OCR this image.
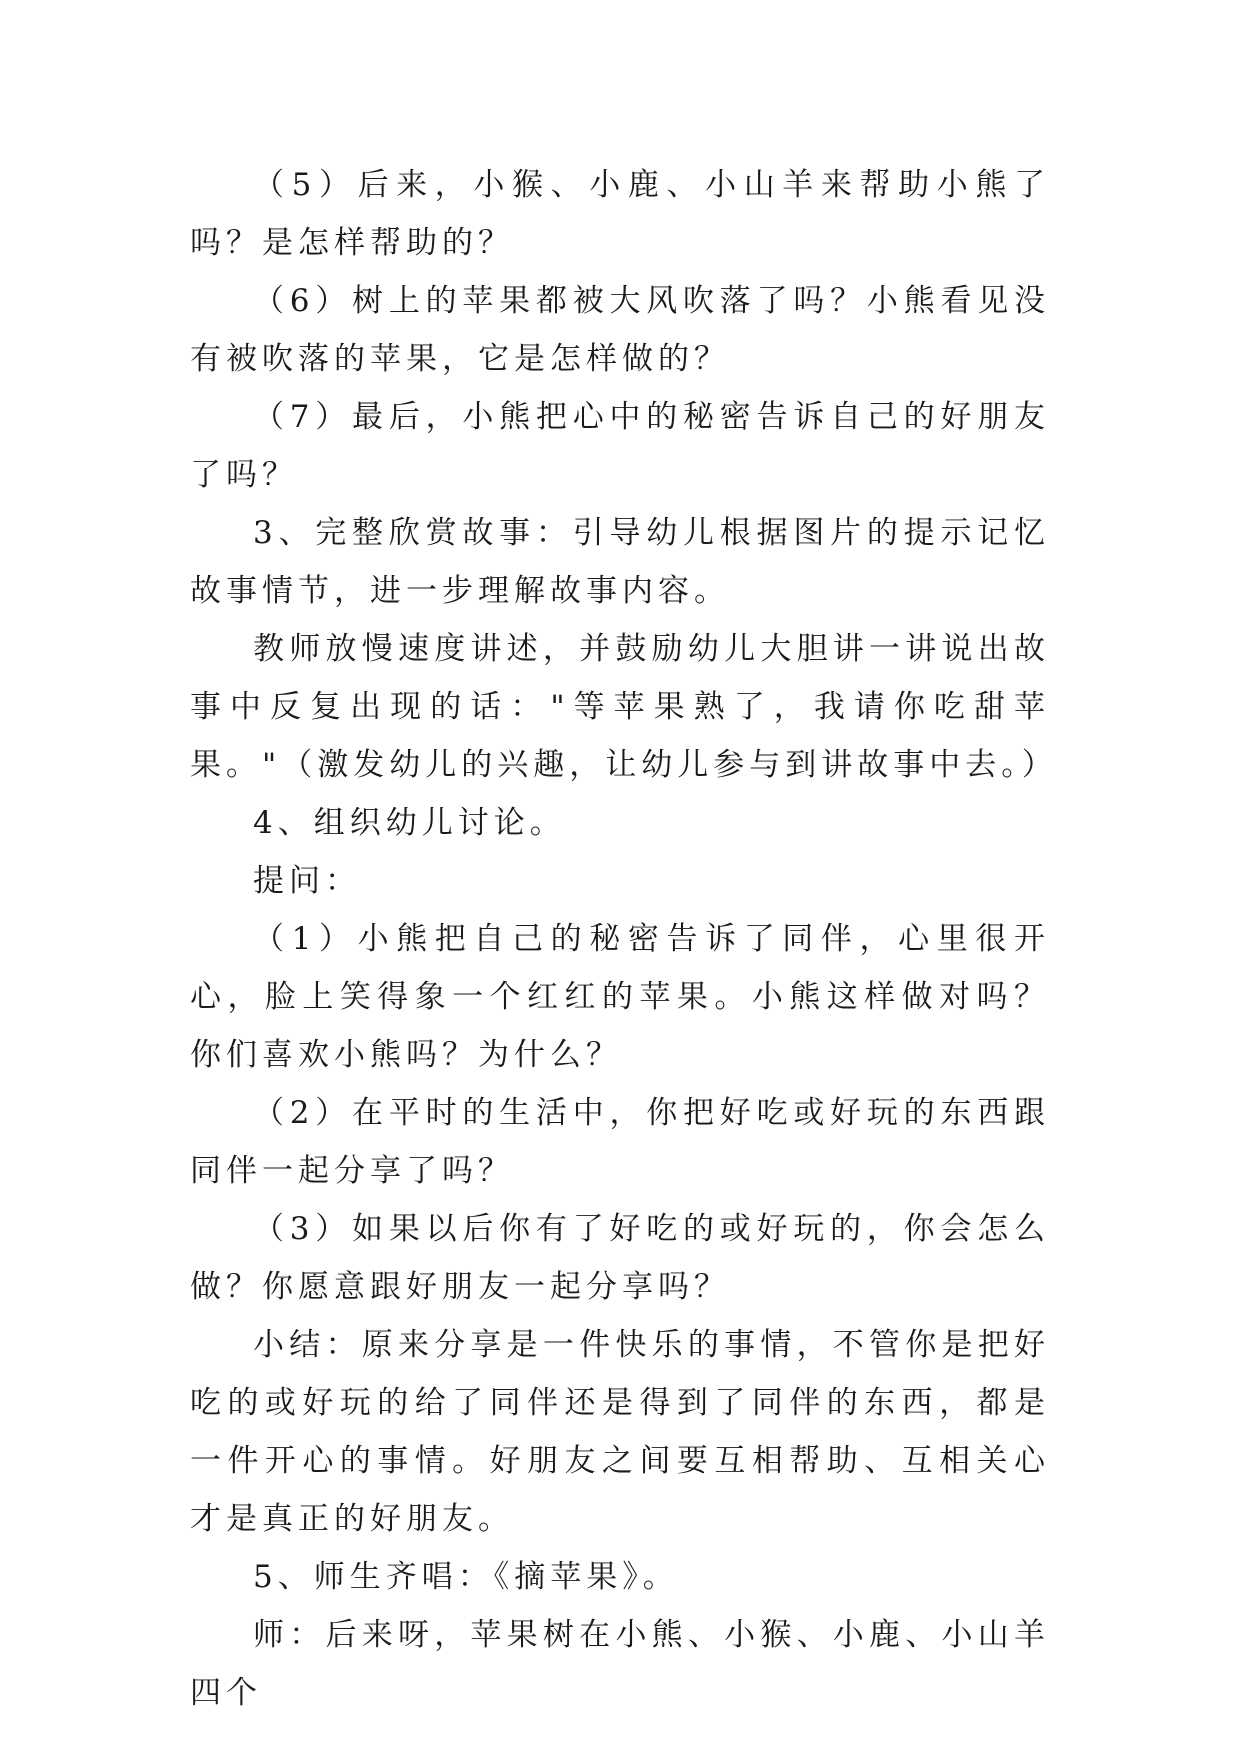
（5）后来，小猴、小鹿、小山羊来帮助小熊了吗？是怎样帮助的？

（6）树上的苹果都被大风吹落了吗？小熊看见没有被吹落的苹果，它是怎样做的？

（7）最后，小熊把心中的秘密告诉自己的好朋友了吗？

3、完整欣赏故事：引导幼儿根据图片的提示记忆故事情节，进一步理解故事内容。

教师放慢速度讲述，并鼓励幼儿大胆讲一讲说出故事中反复出现的话："等苹果熟了，我请你吃甜苹果。"（激发幼儿的兴趣，让幼儿参与到讲故事中去。）

4、组织幼儿讨论。

提问：

（1）小熊把自己的秘密告诉了同伴，心里很开心，脸上笑得象一个红红的苹果。小熊这样做对吗？你们喜欢小熊吗？为什么？

（2）在平时的生活中，你把好吃或好玩的东西跟同伴一起分享了吗？

（3）如果以后你有了好吃的或好玩的，你会怎么做？你愿意跟好朋友一起分享吗？

小结：原来分享是一件快乐的事情，不管你是把好吃的或好玩的给了同伴还是得到了同伴的东西，都是一件开心的事情。好朋友之间要互相帮助、互相关心才是真正的好朋友。

5、师生齐唱：《摘苹果》。

师：后来呀，苹果树在小熊、小猴、小鹿、小山羊四个
